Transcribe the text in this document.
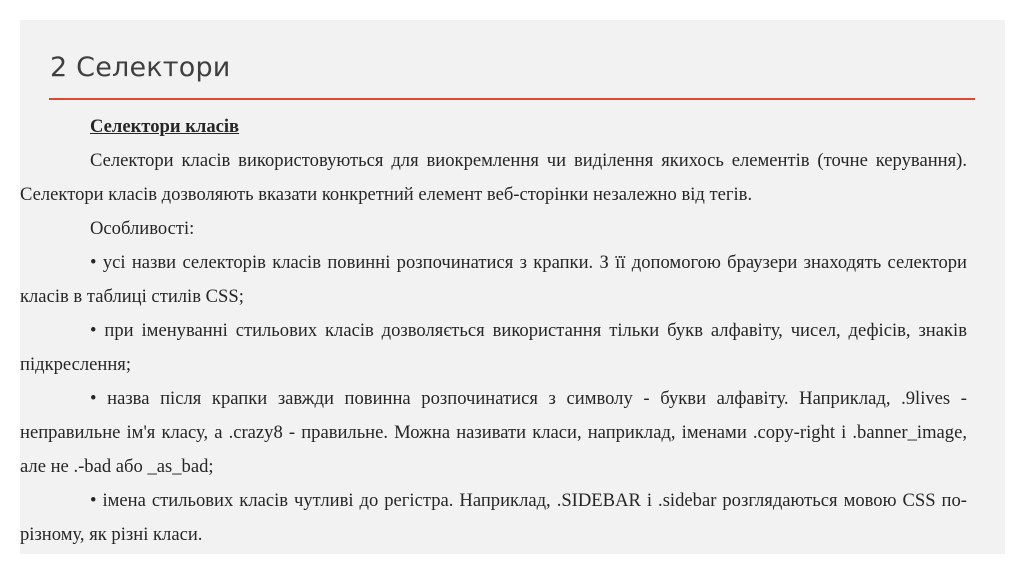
2 Селектори

Селектори класів

Селектори класів використовуються для виокремлення чи виділення якихось елементів (точне керування). Селектори класів дозволяють вказати конкретний елемент веб-сторінки незалежно від тегів.

Особливості:

• усі назви селекторів класів повинні розпочинатися з крапки. З її допомогою браузери знаходять селектори класів в таблиці стилів CSS;

• при іменуванні стильових класів дозволяється використання тільки букв алфавіту, чисел, дефісів, знаків підкреслення;

• назва після крапки завжди повинна розпочинатися з символу - букви алфавіту. Наприклад, .9lives - неправильне ім'я класу, а .crazy8 - правильне. Можна називати класи, наприклад, іменами .copy-right і .banner_image, але не .-bad або _as_bad;

• імена стильових класів чутливі до регістра. Наприклад, .SIDEBAR і .sidebar розглядаються мовою CSS по-різному, як різні класи.
